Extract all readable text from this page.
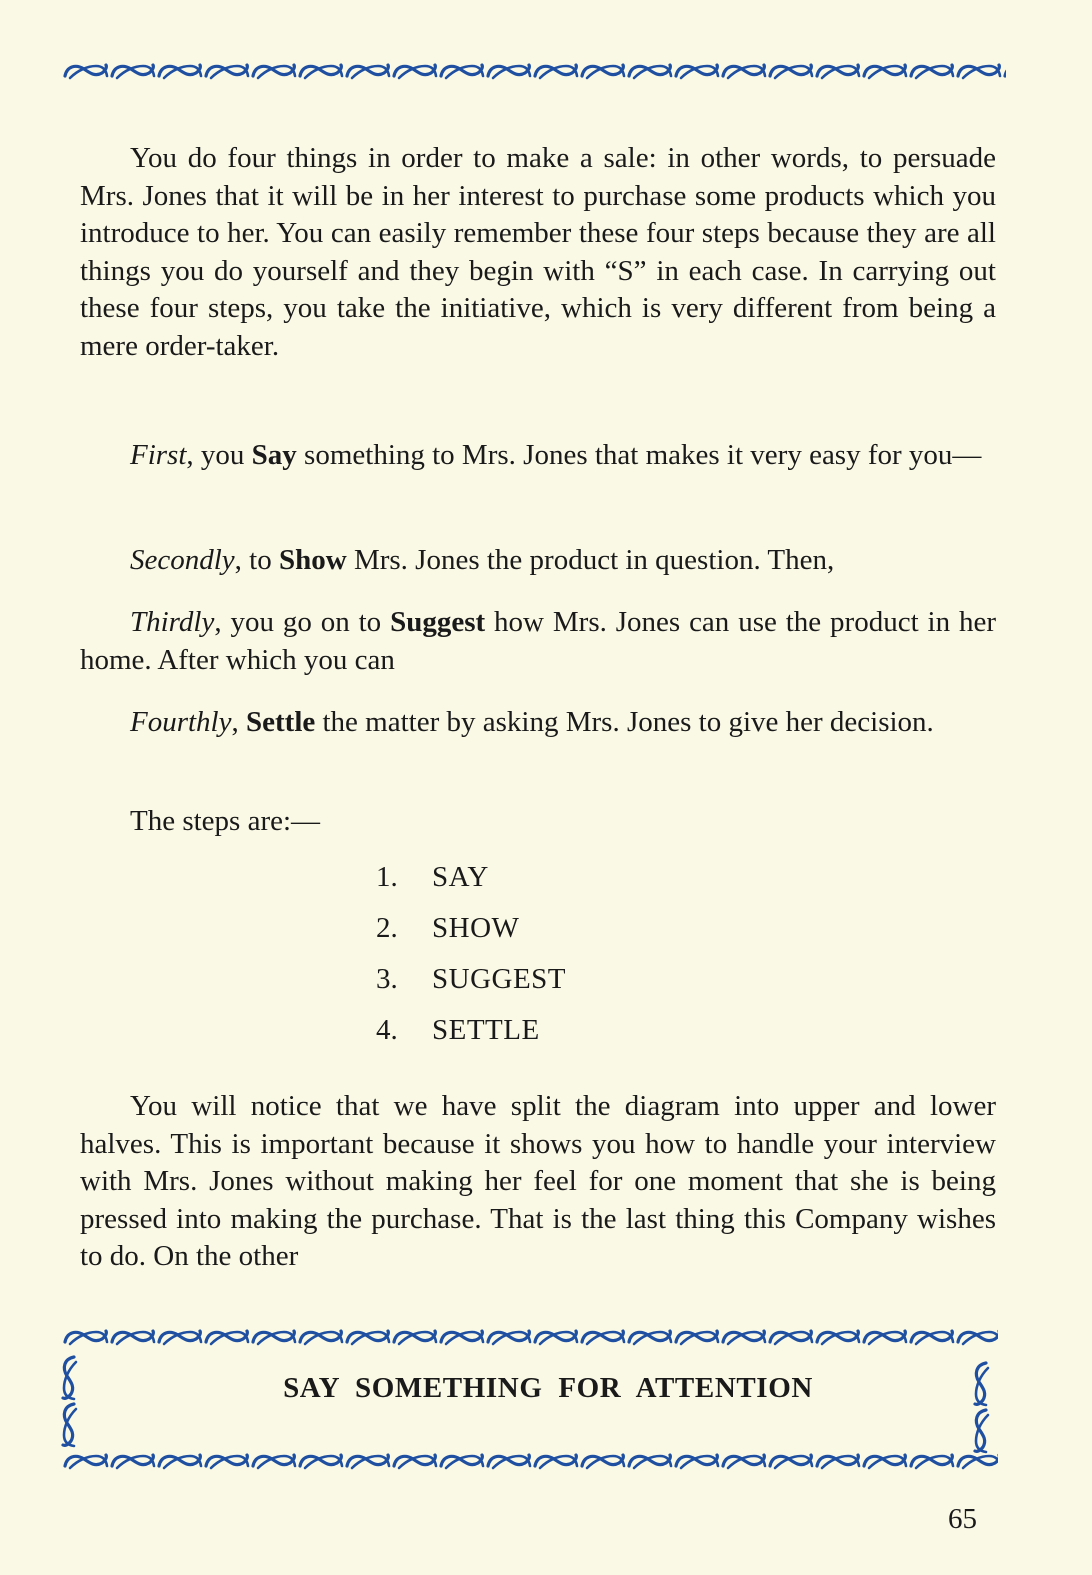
You do four things in order to make a sale: in other words, to persuade Mrs. Jones that it will be in her interest to purchase some products which you introduce to her. You can easily remember these four steps because they are all things you do yourself and they begin with “S” in each case. In carrying out these four steps, you take the initiative, which is very different from being a mere order-taker.

First, you Say something to Mrs. Jones that makes it very easy for you—

Secondly, to Show Mrs. Jones the product in question. Then,

Thirdly, you go on to Suggest how Mrs. Jones can use the product in her home. After which you can

Fourthly, Settle the matter by asking Mrs. Jones to give her decision.

The steps are:—

1. SAY
2. SHOW
3. SUGGEST
4. SETTLE

You will notice that we have split the diagram into upper and lower halves. This is important because it shows you how to handle your interview with Mrs. Jones without making her feel for one moment that she is being pressed into making the purchase. That is the last thing this Company wishes to do. On the other

SAY SOMETHING FOR ATTENTION
65
